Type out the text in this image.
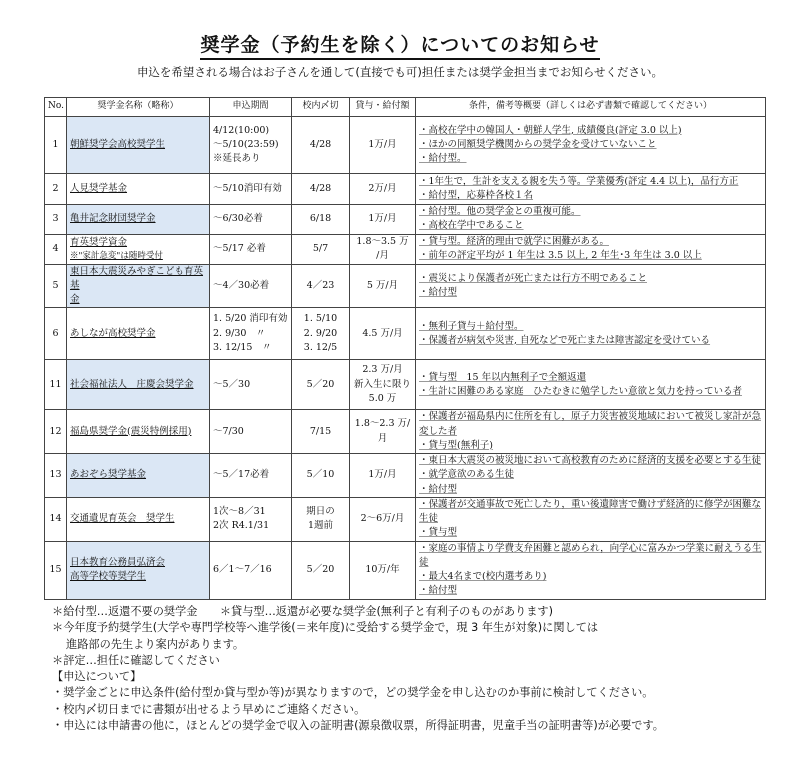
奨学金（予約生を除く）についてのお知らせ
申込を希望される場合はお子さんを通して(直接でも可)担任または奨学金担当までお知らせください。
No.	奨学金名称（略称）	申込期間	校内〆切	貸与・給付額	条件，備考等概要（詳しくは必ず書類で確認してください）
1	朝鮮奨学会高校奨学生	4/12(10:00)
～5/10(23:59)
※延長あり	4/28	1万/月	・高校在学中の韓国人・朝鮮人学生, 成績優良(評定 3.0 以上)
・ほかの同額奨学機関からの奨学金を受けていないこと
・給付型。

2	人見奨学基金	～5/10消印有効	4/28	2万/月	・1年生で，生計を支える親を失う等。学業優秀(評定 4.4 以上)，品行方正
・給付型，応募枠各校１名

3	亀井記念財団奨学金	～6/30必着	6/18	1万/月	・給付型。他の奨学金との重複可能。
・高校在学中であること

4	育英奨学資金
※"家計急変"は随時受付	～5/17 必着	5/7	1.8～3.5 万
/月	・貸与型。経済的理由で就学に困難がある。
・前年の評定平均が 1 年生は 3.5 以上, 2 年生･3 年生は 3.0 以上

5	東日本大震災みやぎこども育英基
金	～4／30必着	4／23	5 万/月	・震災により保護者が死亡または行方不明であること
・給付型

6	あしなが高校奨学金	1. 5/20 消印有効
2. 9/30　〃
3. 12/15　〃	1. 5/10
2. 9/20
3. 12/5	4.5 万/月	・無利子貸与＋給付型。
・保護者が病気や災害, 自死などで死亡または障害認定を受けている

11	社会福祉法人　庄慶会奨学金	～5／30	5／20	2.3 万/月
新入生に限り
5.0 万	・貸与型　15 年以内無利子で全額返還
・生計に困難のある家庭　ひたむきに勉学したい意欲と気力を持っている者

12	福島県奨学金(震災特例採用)	～7/30	7/15	1.8～2.3 万/
月	・保護者が福島県内に住所を有し，原子力災害被災地域において被災し家計が急変した者
・貸与型(無利子)

13	あおぞら奨学基金	～5／17必着	5／10	1万/月	・東日本大震災の被災地において高校教育のために経済的支援を必要とする生徒
・就学意欲のある生徒
・給付型

14	交通遺児育英会　奨学生	1次～8／31
2次 R4.1/31	期日の
1週前	2～6万/月	・保護者が交通事故で死亡したり，重い後遺障害で働けず経済的に修学が困難な生徒
・貸与型

15	日本教育公務員弘済会
高等学校等奨学生	6／1～7／16	5／20	10万/年	・家庭の事情より学費支弁困難と認められ，向学心に富みかつ学業に耐えうる生徒
・最大4名まで(校内選考あり)
・給付型
＊給付型…返還不要の奨学金　　＊貸与型…返還が必要な奨学金(無利子と有利子のものがあります)
＊今年度予約奨学生(大学や専門学校等へ進学後(＝来年度)に受給する奨学金で，現 3 年生が対象)に関しては
進路部の先生より案内があります。
＊評定…担任に確認してください
【申込について】
・奨学金ごとに申込条件(給付型か貸与型か等)が異なりますので，どの奨学金を申し込むのか事前に検討してください。
・校内〆切日までに書類が出せるよう早めにご連絡ください。
・申込には申請書の他に，ほとんどの奨学金で収入の証明書(源泉徴収票，所得証明書，児童手当の証明書等)が必要です。
